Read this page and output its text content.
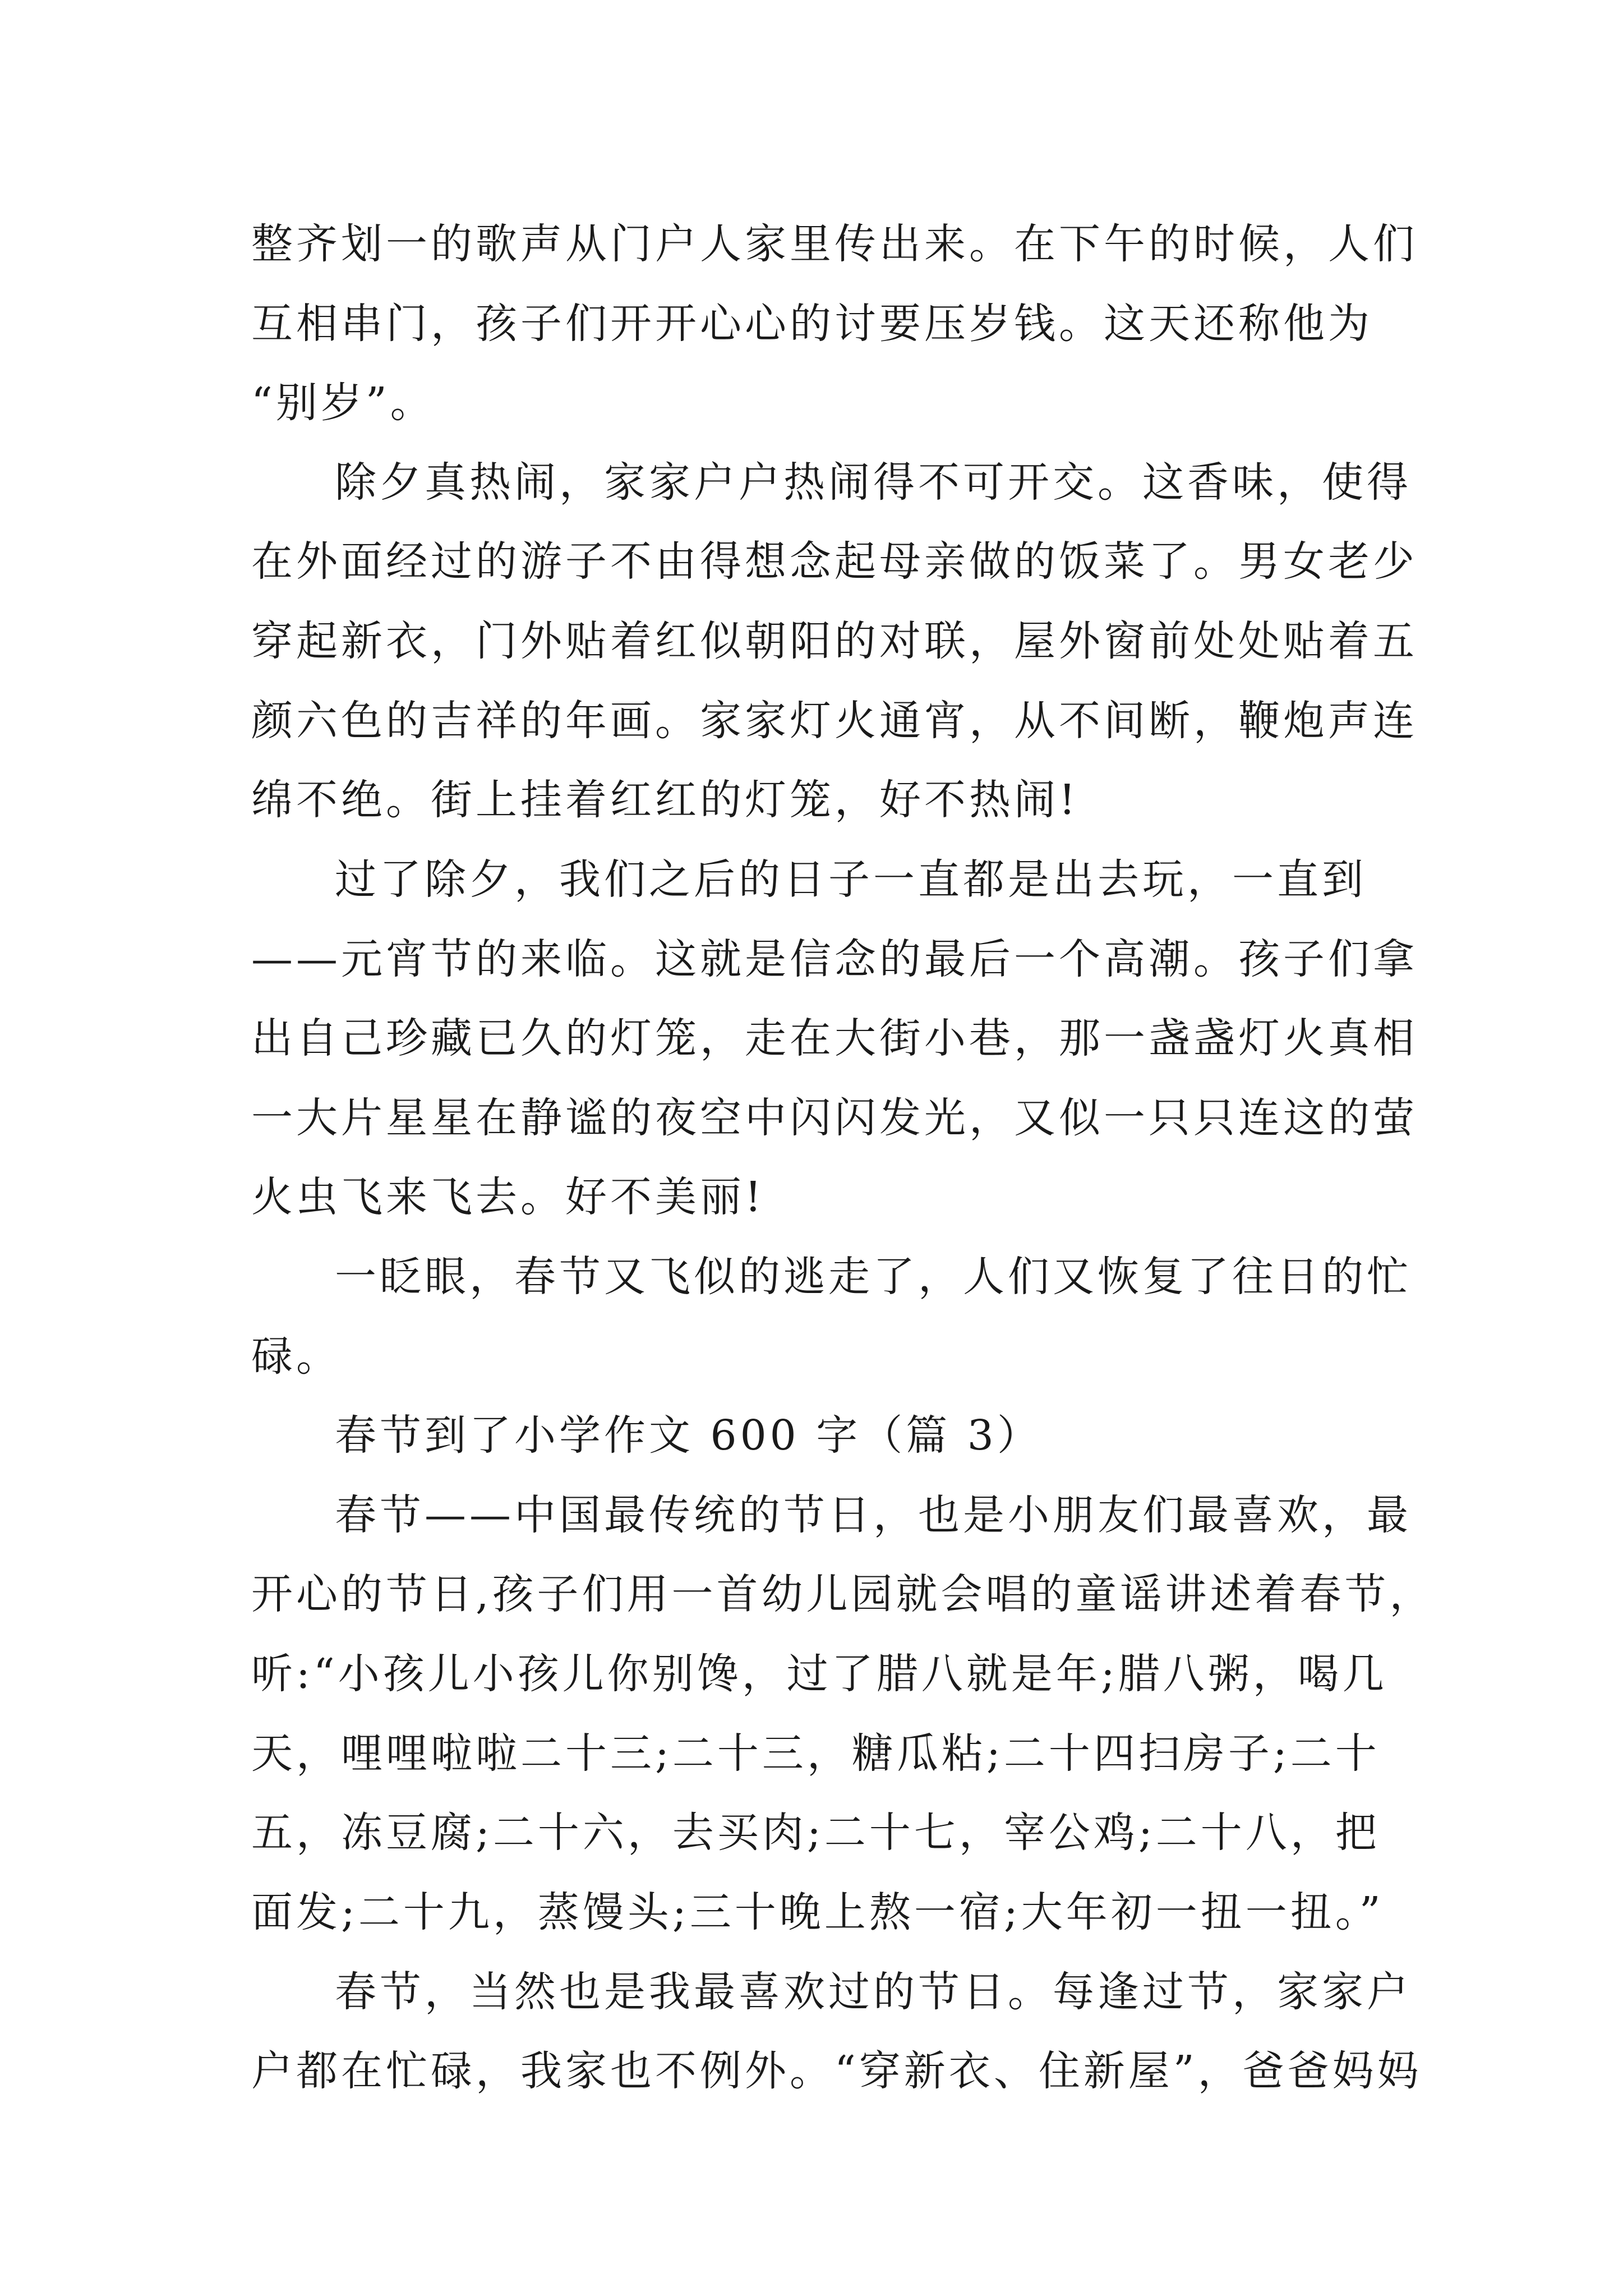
整齐划一的歌声从门户人家里传出来。在下午的时候，人们
互相串门，孩子们开开心心的讨要压岁钱。这天还称他为
“别岁”。
除夕真热闹，家家户户热闹得不可开交。这香味，使得
在外面经过的游子不由得想念起母亲做的饭菜了。男女老少
穿起新衣，门外贴着红似朝阳的对联，屋外窗前处处贴着五
颜六色的吉祥的年画。家家灯火通宵，从不间断，鞭炮声连
绵不绝。街上挂着红红的灯笼，好不热闹!
过了除夕，我们之后的日子一直都是出去玩，一直到
——元宵节的来临。这就是信念的最后一个高潮。孩子们拿
出自己珍藏已久的灯笼，走在大街小巷，那一盏盏灯火真相
一大片星星在静谧的夜空中闪闪发光，又似一只只连这的萤
火虫飞来飞去。好不美丽!
一眨眼，春节又飞似的逃走了，人们又恢复了往日的忙
碌。
春节到了小学作文 600 字（篇 3）
春节——中国最传统的节日，也是小朋友们最喜欢，最
开心的节日,孩子们用一首幼儿园就会唱的童谣讲述着春节，
听:“小孩儿小孩儿你别馋，过了腊八就是年;腊八粥，喝几
天，哩哩啦啦二十三;二十三，糖瓜粘;二十四扫房子;二十
五，冻豆腐;二十六，去买肉;二十七，宰公鸡;二十八，把
面发;二十九，蒸馒头;三十晚上熬一宿;大年初一扭一扭。”
春节，当然也是我最喜欢过的节日。每逢过节，家家户
户都在忙碌，我家也不例外。“穿新衣、住新屋”，爸爸妈妈
